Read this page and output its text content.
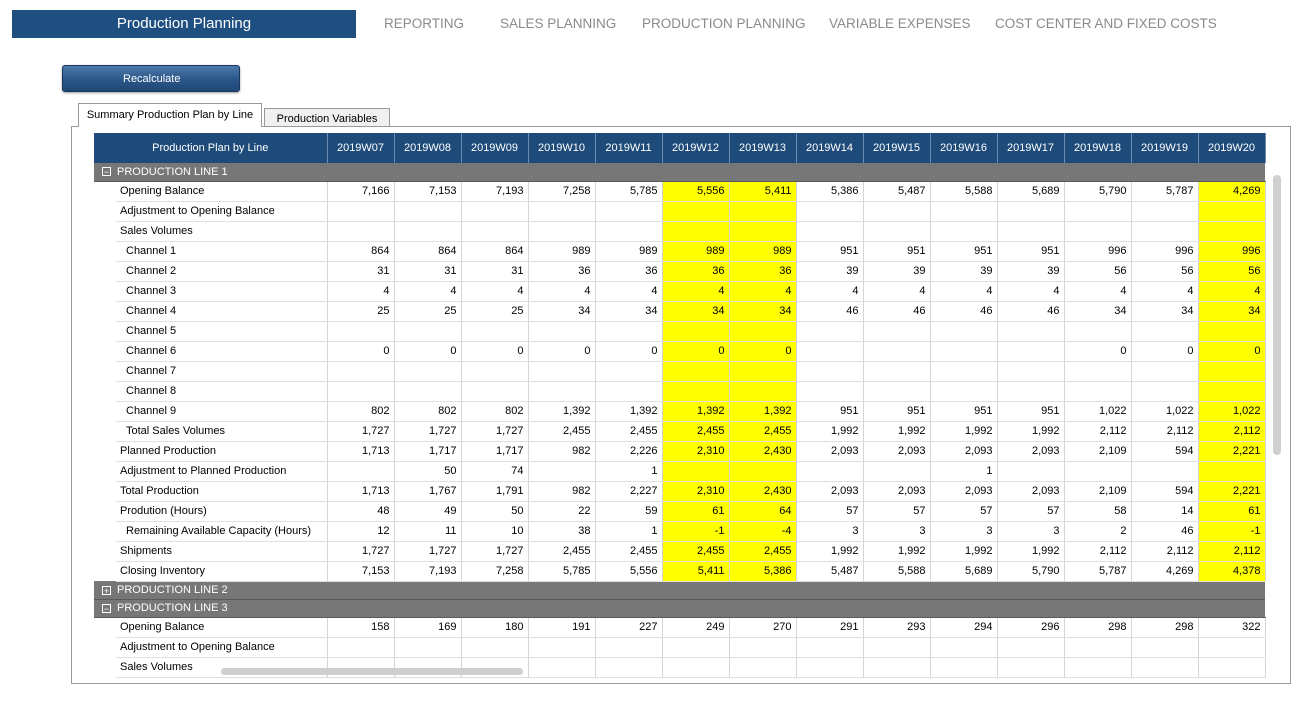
Production Planning	REPORTING	SALES PLANNING PRODUCTION PLANNING VARIABLE EXPENSES COST CENTER AND FIXED COSTS
Recalculate
Summary Production Plan by Line	Production Variables
Production Plan by Line		2019W07	2019W08	2019W09	2019W10	2019W11	2019W12	2019W13	2019W14	2019W15	2019W16	2019W17	2019W18	2019W19	2019W20
− PRODUCTION LINE 1															
	Opening Balance	7,166	7,153	7,193	7,258	5,785	5,556	5,411	5,386	5,487	5,588	5,689	5,790	5,787	4,269
	Adjustment to Opening Balance														
	Sales Volumes														
	Channel 1	864	864	864	989	989	989	989	951	951	951	951	996	996	996
	Channel 2	31	31	31	36	36	36	36	39	39	39	39	56	56	56
	Channel 3	4	4	4	4	4	4	4	4	4	4	4	4	4	4
	Channel 4	25	25	25	34	34	34	34	46	46	46	46	34	34	34
	Channel 5														
	Channel 6	0	0	0	0	0	0	0					0	0	0
	Channel 7														
	Channel 8														
	Channel 9	802	802	802	1,392	1,392	1,392	1,392	951	951	951	951	1,022	1,022	1,022
	Total Sales Volumes	1,727	1,727	1,727	2,455	2,455	2,455	2,455	1,992	1,992	1,992	1,992	2,112	2,112	2,112
	Planned Production	1,713	1,717	1,717	982	2,226	2,310	2,430	2,093	2,093	2,093	2,093	2,109	594	2,221
	Adjustment to Planned Production		50	74		1					1				
	Total Production	1,713	1,767	1,791	982	2,227	2,310	2,430	2,093	2,093	2,093	2,093	2,109	594	2,221
	Prodution (Hours)	48	49	50	22	59	61	64	57	57	57	57	58	14	61
	Remaining Available Capacity (Hours)	12	11	10	38	1	-1	-4	3	3	3	3	2	46	-1
	Shipments	1,727	1,727	1,727	2,455	2,455	2,455	2,455	1,992	1,992	1,992	1,992	2,112	2,112	2,112
	Closing Inventory	7,153	7,193	7,258	5,785	5,556	5,411	5,386	5,487	5,588	5,689	5,790	5,787	4,269	4,378
+ PRODUCTION LINE 2															
− PRODUCTION LINE 3															
	Opening Balance	158	169	180	191	227	249	270	291	293	294	296	298	298	322
	Adjustment to Opening Balance														
	Sales Volumes														
